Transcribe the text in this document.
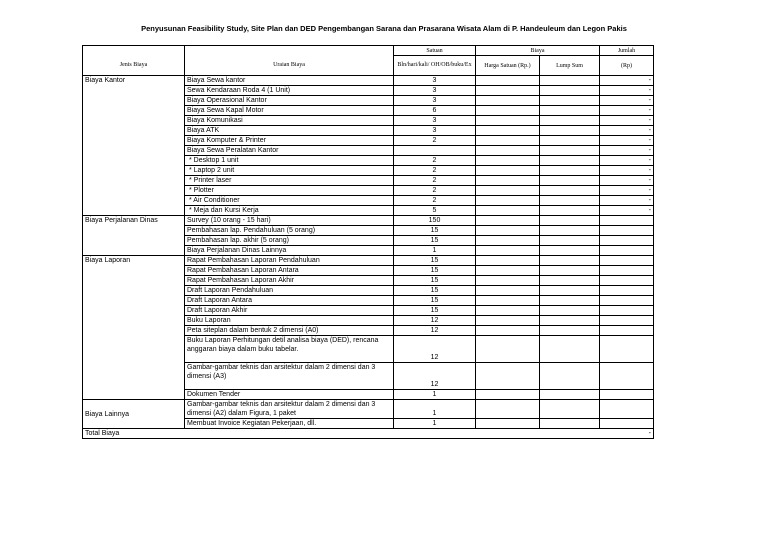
Penyusunan Feasibility Study, Site Plan dan DED Pengembangan Sarana dan Prasarana Wisata Alam di P. Handeuleum dan Legon Pakis
		Satuan	Biaya		Jumlah
Jenis Biaya	Uraian Biaya	Bln/hari/kali/ OH/OB/buku/Ex	Harga Satuan (Rp.)	Lump Sum	(Rp)
Biaya Kantor	Biaya Sewa kantor	3			-
	Sewa Kendaraan Roda 4 (1 Unit)	3			-
	Biaya Operasional Kantor	3			-
	Biaya Sewa Kapal Motor	6			-
	Biaya Komunikasi	3			-
	Biaya ATK	3			-
	Biaya Komputer & Printer	2			-
	Biaya Sewa Peralatan Kantor				-
	* Desktop 1 unit	2			-
	* Laptop 2 unit	2			-
	* Printer laser	2			-
	* Plotter	2			-
	* Air Conditioner	2			-
	* Meja dan Kursi Kerja	5			-
Biaya Perjalanan Dinas	Survey (10 orang - 15 hari)	150			
	Pembahasan lap. Pendahuluan (5 orang)	15			
	Pembahasan lap. akhir (5 orang)	15			
	Biaya Perjalanan Dinas Lainnya	1			
Biaya Laporan	Rapat Pembahasan Laporan Pendahuluan	15			
	Rapat Pembahasan Laporan Antara	15			
	Rapat Pembahasan Laporan Akhir	15			
	Draft Laporan Pendahuluan	15			
	Draft Laporan Antara	15			
	Draft Laporan Akhir	15			
	Buku Laporan	12			
	Peta siteplan dalam bentuk 2 dimensi (A0)	12			
	Buku Laporan Perhitungan detil analisa biaya (DED), rencana anggaran biaya dalam buku tabelar.	12			
	Gambar-gambar teknis dan arsitektur dalam 2 dimensi dan 3 dimensi (A3)	12			
	Dokumen Tender	1			
Biaya Lainnya	Gambar-gambar teknis dan arsitektur dalam 2 dimensi dan 3 dimensi (A2) dalam Figura, 1 paket	1			
	Membuat Invoice Kegiatan Pekerjaan, dll.	1			
Total Biaya					-
